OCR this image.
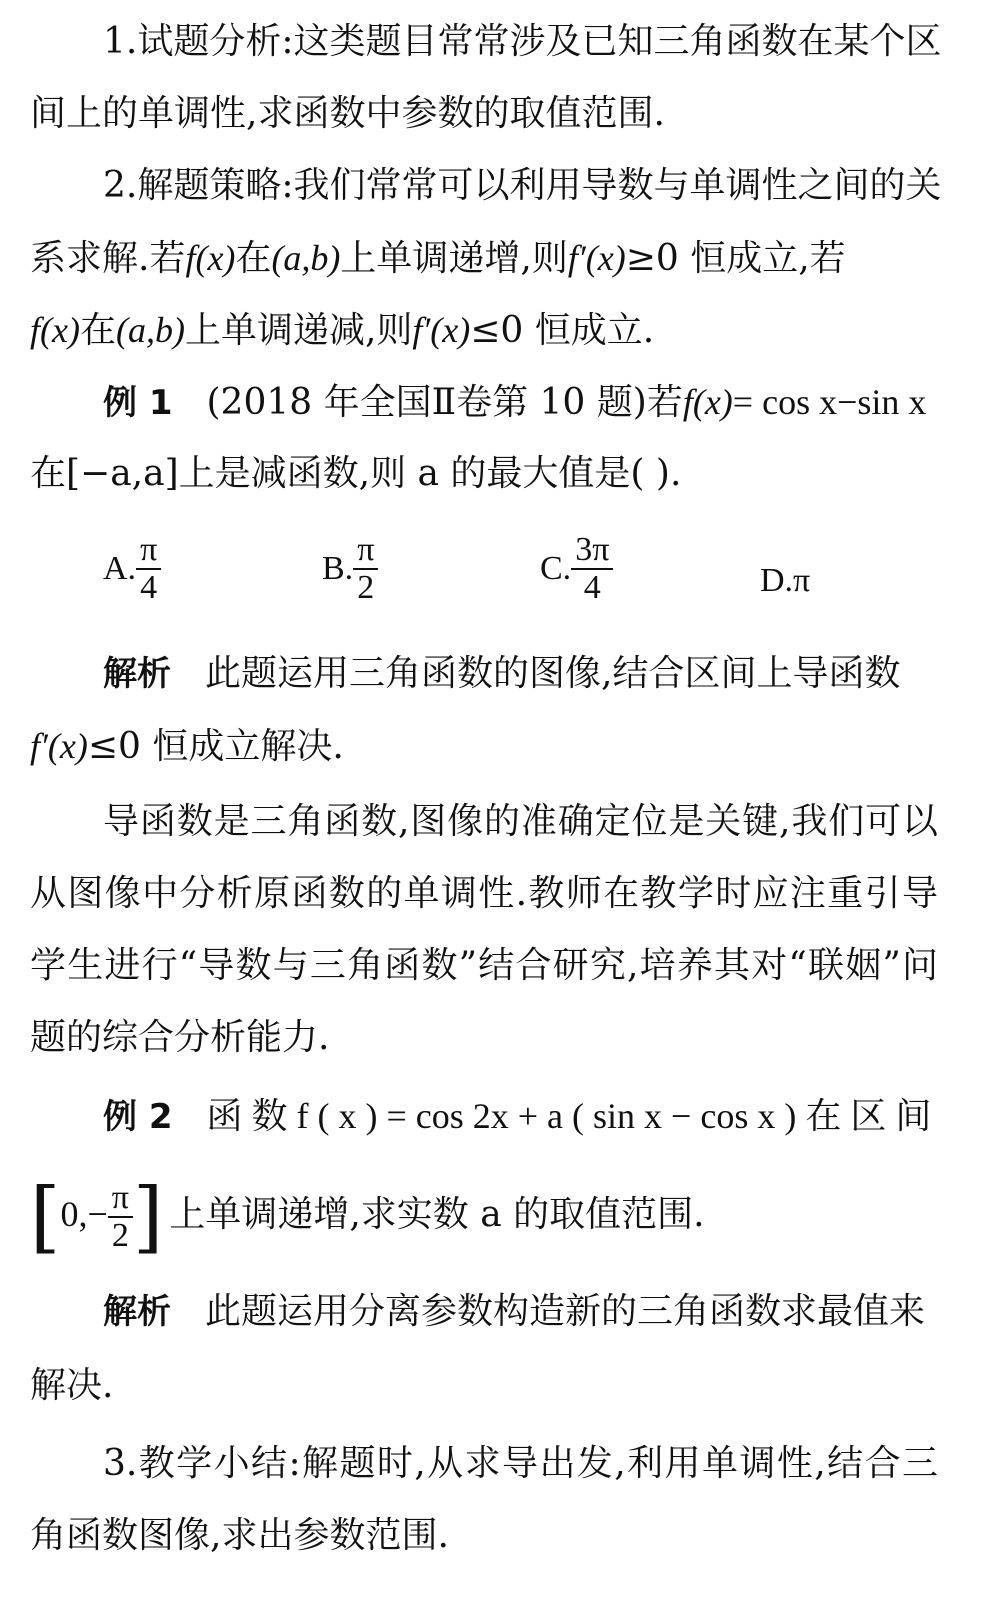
1.试题分析:这类题目常常涉及已知三角函数在某个区
间上的单调性,求函数中参数的取值范围.
2.解题策略:我们常常可以利用导数与单调性之间的关
系求解.若f(x)在(a,b)上单调递增,则f′(x)≥0 恒成立,若
f(x)在(a,b)上单调递减,则f′(x)≤0 恒成立.
例 1 (2018 年全国Ⅱ卷第 10 题)若f(x)= cos x−sin x
在[−a,a]上是减函数,则 a 的最大值是( ).
A. $\frac{\pi}{4}$	B. $\frac{\pi}{2}$	C. $\frac{3\pi}{4}$	D.π
解析 此题运用三角函数的图像,结合区间上导函数
f′(x)≤0 恒成立解决.
导函数是三角函数,图像的准确定位是关键,我们可以
从图像中分析原函数的单调性.教师在教学时应注重引导
学生进行“导数与三角函数”结合研究,培养其对“联姻”问
题的综合分析能力.
例 2 函 数 f ( x ) = cos 2x + a ( sin x − cos x ) 在 区 间
[$0,- \frac{\pi}{2}$ ] 上单调递增,求实数 a 的取值范围.
解析 此题运用分离参数构造新的三角函数求最值来
解决.
3.教学小结:解题时,从求导出发,利用单调性,结合三
角函数图像,求出参数范围.
